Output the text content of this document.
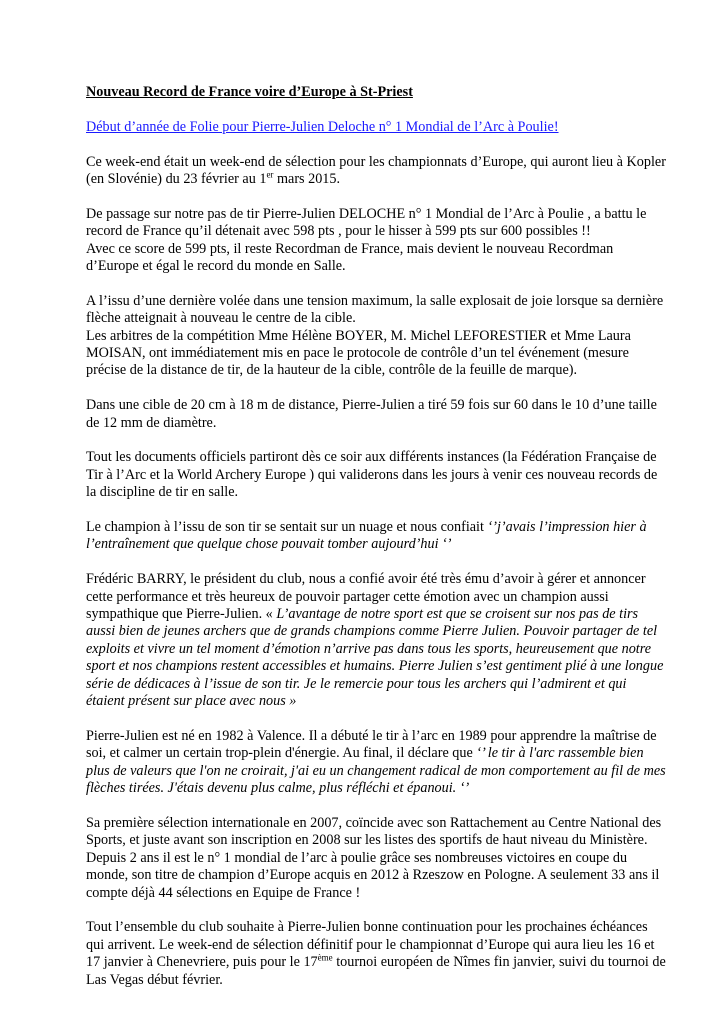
Nouveau Record de France voire d’Europe à St-Priest

Début d’année de Folie pour Pierre-Julien Deloche n° 1 Mondial de l’Arc à Poulie!

Ce week-end était un week-end de sélection pour les championnats d’Europe, qui auront lieu à Kopler (en Slovénie) du 23 février au 1er mars 2015.

De passage sur notre pas de tir Pierre-Julien DELOCHE n° 1 Mondial de l’Arc à Poulie , a battu le record de France qu’il détenait avec 598 pts , pour le hisser à 599 pts sur 600 possibles !!

Avec ce score de 599 pts, il reste Recordman de France, mais devient le nouveau Recordman d’Europe et égal le record du monde en Salle.

A l’issu d’une dernière volée dans une tension maximum, la salle explosait de joie lorsque sa dernière flèche atteignait à nouveau le centre de la cible.

Les arbitres de la compétition Mme Hélène BOYER, M. Michel LEFORESTIER et Mme Laura MOISAN, ont immédiatement mis en pace le protocole de contrôle d’un tel événement (mesure précise de la distance de tir, de la hauteur de la cible, contrôle de la feuille de marque).

Dans une cible de 20 cm à 18 m de distance, Pierre-Julien a tiré 59 fois sur 60 dans le 10 d’une taille de 12 mm de diamètre.

Tout les documents officiels partiront dès ce soir aux différents instances (la Fédération Française de Tir à l’Arc et la World Archery Europe ) qui validerons dans les jours à venir ces nouveau records de la discipline de tir en salle.

Le champion à l’issu de son tir se sentait sur un nuage et nous confiait ‘’j’avais l’impression hier à l’entraînement que quelque chose pouvait tomber aujourd’hui ‘’

Frédéric BARRY, le président du club, nous a confié avoir été très ému d’avoir à gérer et annoncer cette performance et très heureux de pouvoir partager cette émotion avec un champion aussi sympathique que Pierre-Julien. « L’avantage de notre sport est que se croisent sur nos pas de tirs aussi bien de jeunes archers que de grands champions comme Pierre Julien. Pouvoir partager de tel exploits et vivre un tel moment d’émotion n’arrive pas dans tous les sports, heureusement que notre sport et nos champions restent accessibles et humains. Pierre Julien s’est gentiment plié à une longue série de dédicaces à l’issue de son tir. Je le remercie pour tous les archers qui l’admirent et qui étaient présent sur place avec nous »

Pierre-Julien est né en 1982 à Valence. Il a débuté le tir à l’arc en 1989 pour apprendre la maîtrise de soi, et calmer un certain trop-plein d'énergie. Au final, il déclare que ‘’ le tir à l'arc rassemble bien plus de valeurs que l'on ne croirait, j'ai eu un changement radical de mon comportement au fil de mes flèches tirées. J'étais devenu plus calme, plus réfléchi et épanoui. ‘’

Sa première sélection internationale en 2007, coïncide avec son Rattachement au Centre National des Sports, et juste avant son inscription en 2008 sur les listes des sportifs de haut niveau du Ministère. Depuis 2 ans il est le n° 1 mondial de l’arc à poulie grâce ses nombreuses victoires en coupe du monde, son titre de champion d’Europe acquis en 2012 à Rzeszow en Pologne. A seulement 33 ans il compte déjà 44 sélections en Equipe de France !

Tout l’ensemble du club souhaite à Pierre-Julien bonne continuation pour les prochaines échéances qui arrivent. Le week-end de sélection définitif pour le championnat d’Europe qui aura lieu les 16 et 17 janvier à Chenevriere, puis pour le 17ème tournoi européen de Nîmes fin janvier, suivi du tournoi de Las Vegas début février.
